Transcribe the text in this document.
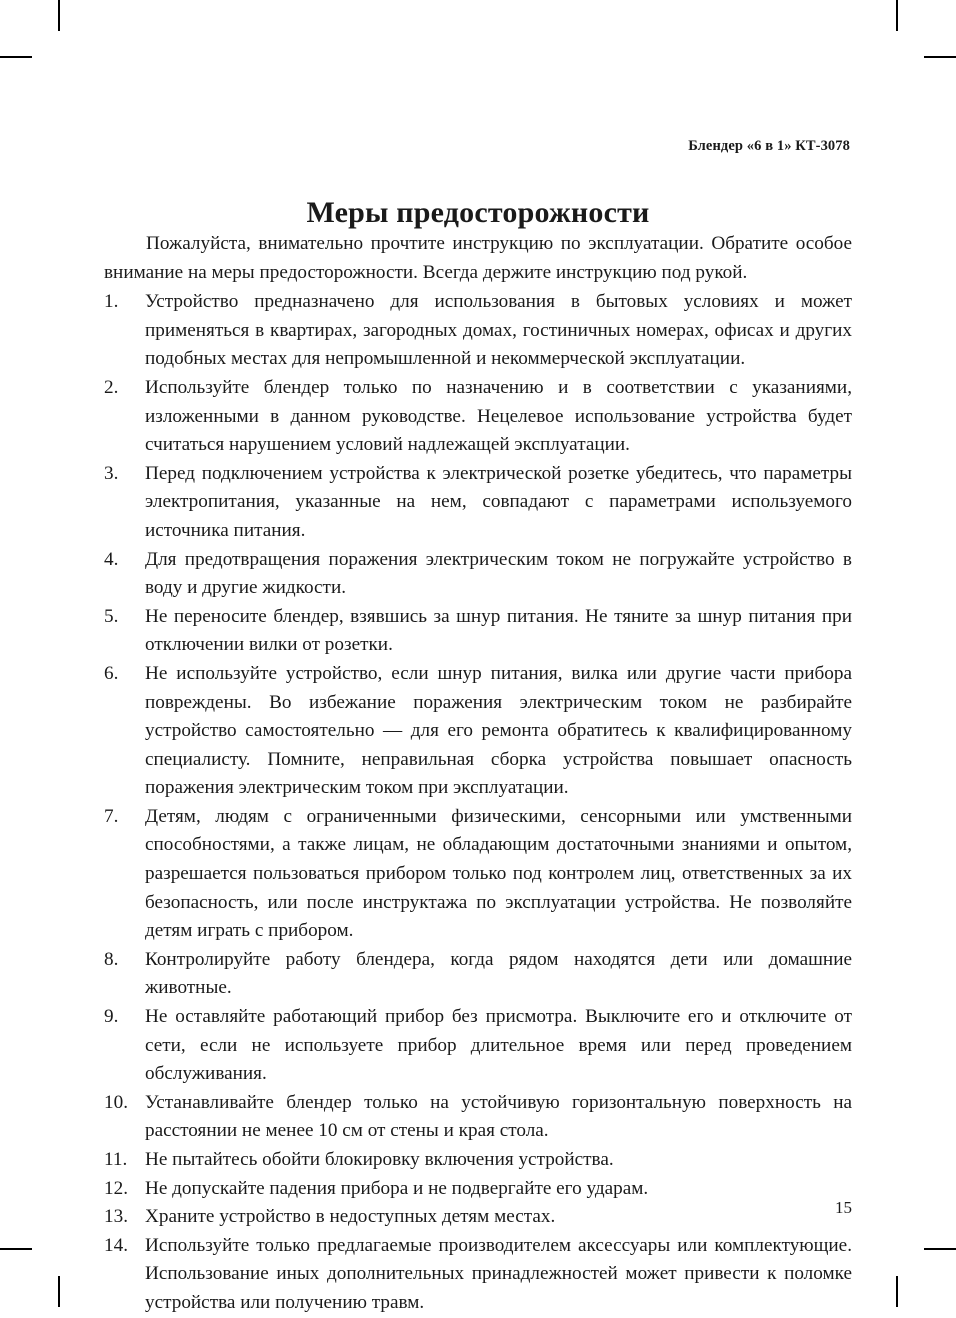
Блендер «6 в 1» КТ-3078
Меры предосторожности

Пожалуйста, внимательно прочтите инструкцию по эксплуатации. Обратите особое внимание на меры предосторожности. Всегда держите инструкцию под рукой.

1.	Устройство предназначено для использования в бытовых условиях и может применяться в квартирах, загородных домах, гостиничных номерах, офисах и других подобных местах для непромышленной и некоммерческой эксплуатации.
2.	Используйте блендер только по назначению и в соответствии с указаниями, изложенными в данном руководстве. Нецелевое использование устройства будет считаться нарушением условий надлежащей эксплуатации.
3.	Перед подключением устройства к электрической розетке убедитесь, что параметры электропитания, указанные на нем, совпадают с параметрами используемого источника питания.
4.	Для предотвращения поражения электрическим током не погружайте устройство в воду и другие жидкости.
5.	Не переносите блендер, взявшись за шнур питания. Не тяните за шнур питания при отключении вилки от розетки.
6.	Не используйте устройство, если шнур питания, вилка или другие части прибора повреждены. Во избежание поражения электрическим током не разбирайте устройство самостоятельно — для его ремонта обратитесь к квалифицированному специалисту. Помните, неправильная сборка устройства повышает опасность поражения электрическим током при эксплуатации.
7.	Детям, людям с ограниченными физическими, сенсорными или умственными способностями, а также лицам, не обладающим достаточными знаниями и опытом, разрешается пользоваться прибором только под контролем лиц, ответственных за их безопасность, или после инструктажа по эксплуатации устройства. Не позволяйте детям играть с прибором.
8.	Контролируйте работу блендера, когда рядом находятся дети или домашние животные.
9.	Не оставляйте работающий прибор без присмотра. Выключите его и отключите от сети, если не используете прибор длительное время или перед проведением обслуживания.
10. Устанавливайте блендер только на устойчивую горизонтальную поверхность на расстоянии не менее 10 см от стены и края стола.
11. Не пытайтесь обойти блокировку включения устройства.
12. Не допускайте падения прибора и не подвергайте его ударам.
13. Храните устройство в недоступных детям местах.
14. Используйте только предлагаемые производителем аксессуары или комплектующие. Использование иных дополнительных принадлежностей может привести к поломке устройства или получению травм.
15
